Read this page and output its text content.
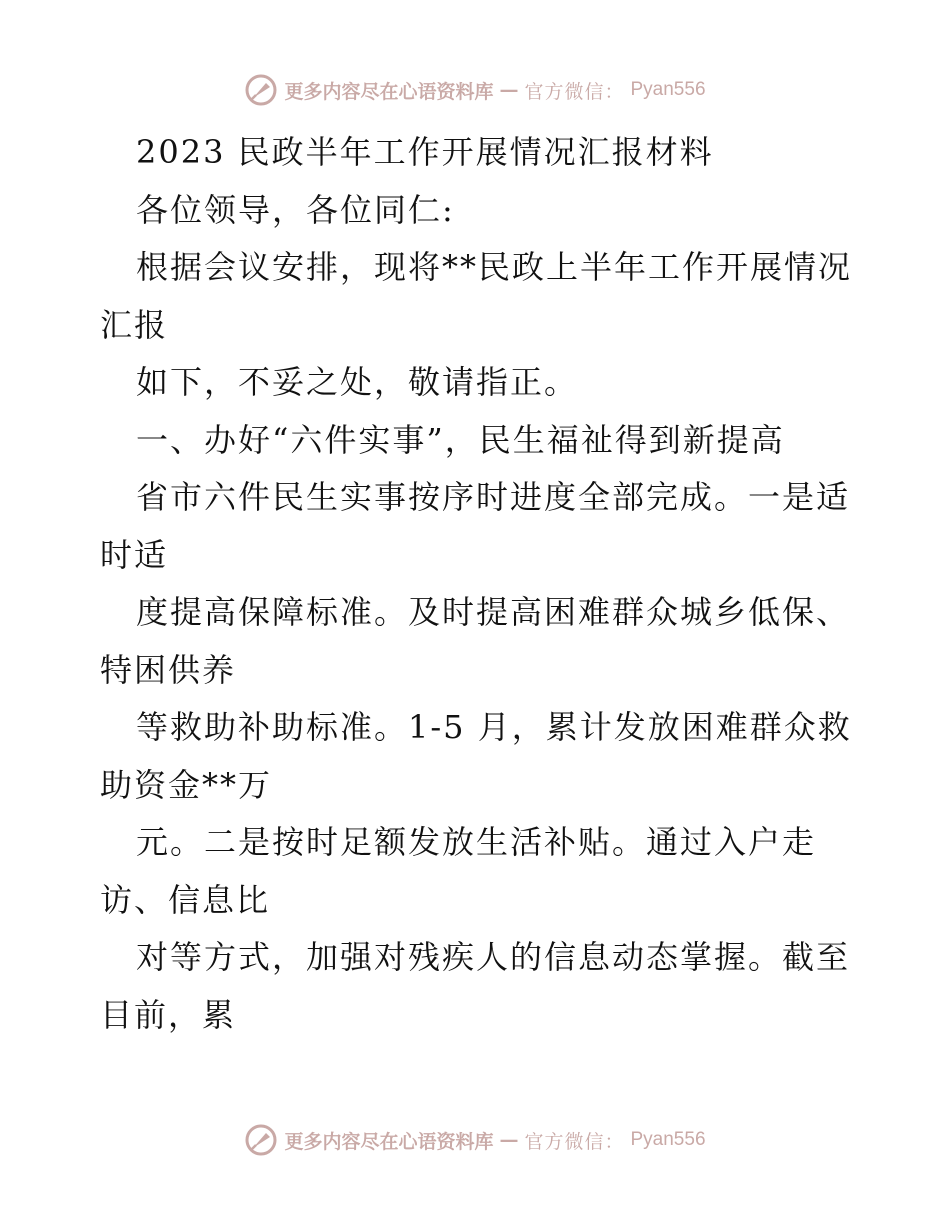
更多内容尽在心语资料库 — 官方微信： Pyan556
2023 民政半年工作开展情况汇报材料
各位领导，各位同仁:
根据会议安排，现将**民政上半年工作开展情况
汇报
如下，不妥之处，敬请指正。
一、办好“六件实事”，民生福祉得到新提高
省市六件民生实事按序时进度全部完成。一是适
时适
度提高保障标准。及时提高困难群众城乡低保、
特困供养
等救助补助标准。1-5 月，累计发放困难群众救
助资金**万
元。二是按时足额发放生活补贴。通过入户走
访、信息比
对等方式，加强对残疾人的信息动态掌握。截至
目前，累
更多内容尽在心语资料库 — 官方微信： Pyan556
